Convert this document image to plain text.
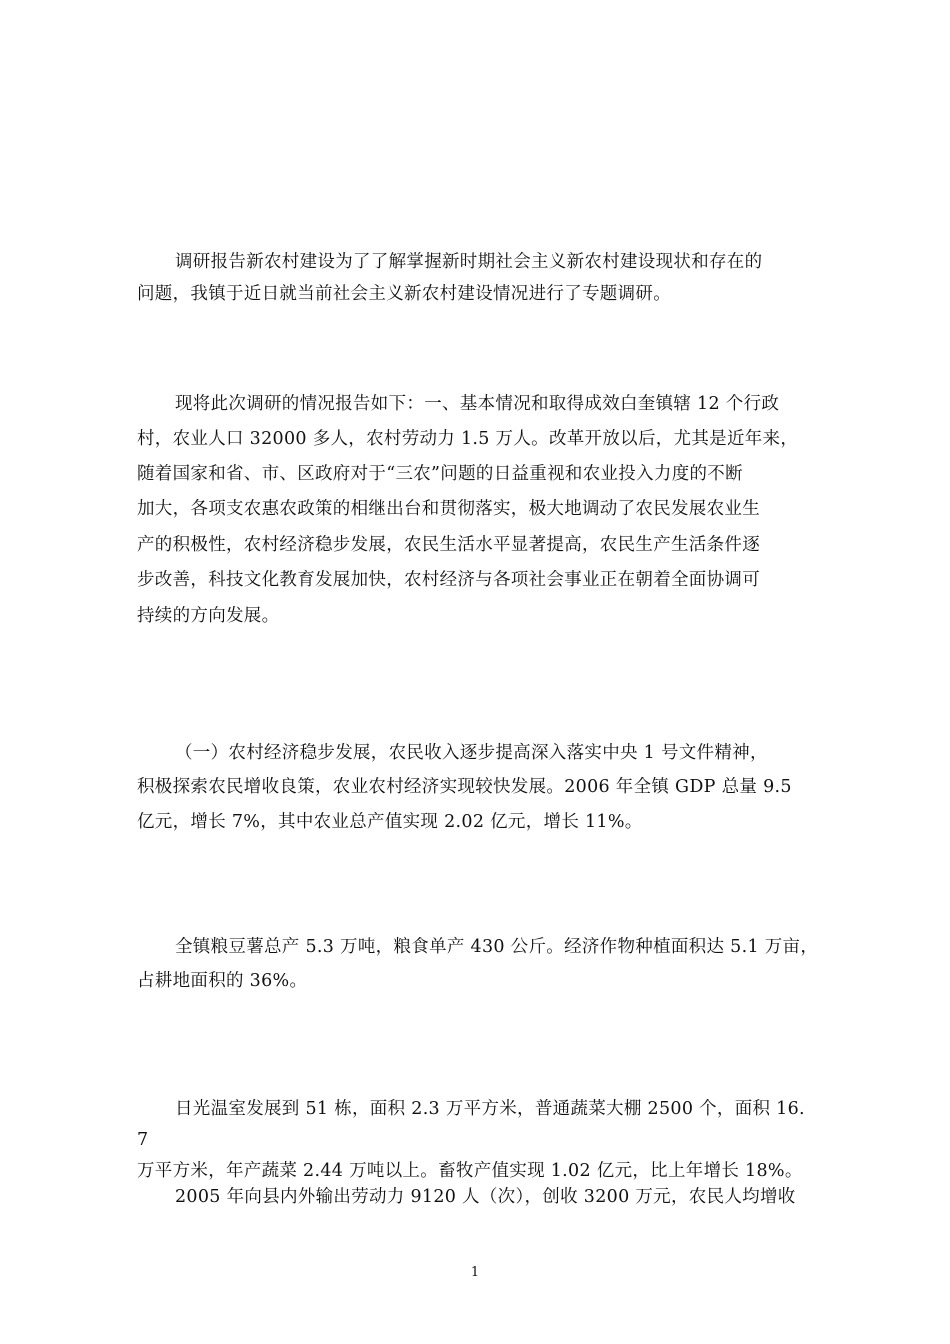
调研报告新农村建设为了了解掌握新时期社会主义新农村建设现状和存在的
问题，我镇于近日就当前社会主义新农村建设情况进行了专题调研。
现将此次调研的情况报告如下：一、基本情况和取得成效白奎镇辖 12 个行政
村，农业人口 32000 多人，农村劳动力 1.5 万人。改革开放以后，尤其是近年来，
随着国家和省、市、区政府对于“三农”问题的日益重视和农业投入力度的不断
加大，各项支农惠农政策的相继出台和贯彻落实，极大地调动了农民发展农业生
产的积极性，农村经济稳步发展，农民生活水平显著提高，农民生产生活条件逐
步改善，科技文化教育发展加快，农村经济与各项社会事业正在朝着全面协调可
持续的方向发展。
（一）农村经济稳步发展，农民收入逐步提高深入落实中央 1 号文件精神，
积极探索农民增收良策，农业农村经济实现较快发展。2006 年全镇 GDP 总量 9.5
亿元，增长 7%，其中农业总产值实现 2.02 亿元，增长 11%。
全镇粮豆薯总产 5.3 万吨，粮食单产 430 公斤。经济作物种植面积达 5.1 万亩，
占耕地面积的 36%。
日光温室发展到 51 栋，面积 2.3 万平方米，普通蔬菜大棚 2500 个，面积 16.
7
万平方米，年产蔬菜 2.44 万吨以上。畜牧产值实现 1.02 亿元，比上年增长 18%。
2005 年向县内外输出劳动力 9120 人（次），创收 3200 万元，农民人均增收
1
